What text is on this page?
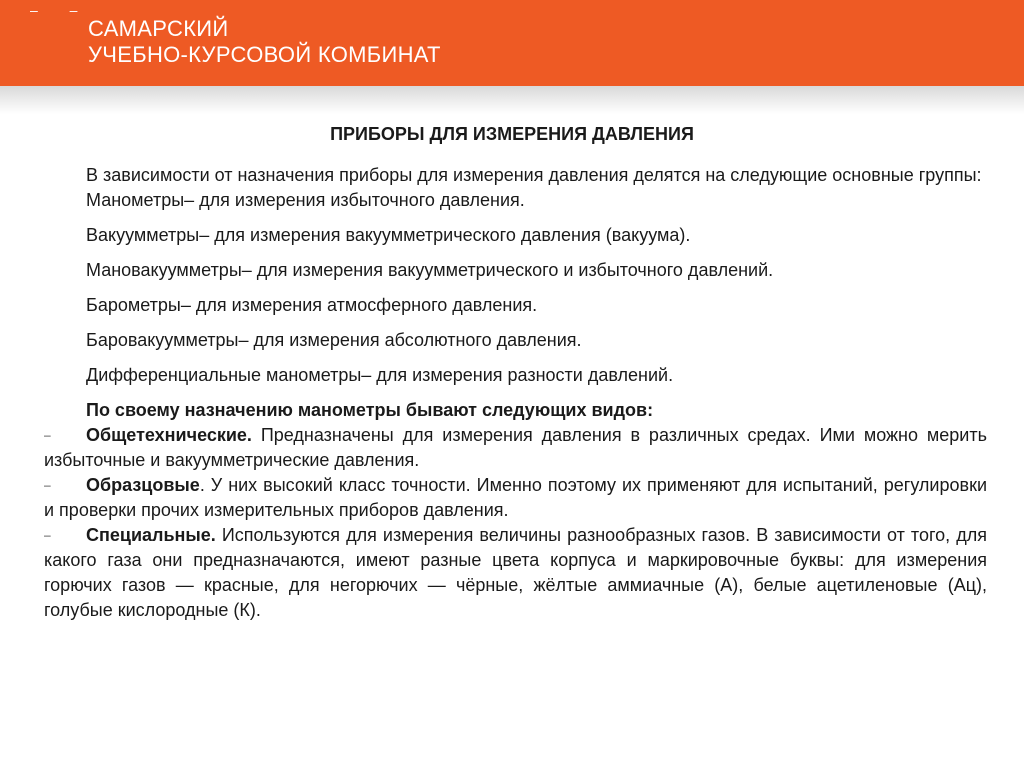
– –
САМАРСКИЙ
УЧЕБНО-КУРСОВОЙ КОМБИНАТ
ПРИБОРЫ ДЛЯ ИЗМЕРЕНИЯ ДАВЛЕНИЯ

В зависимости от назначения приборы для измерения давления делятся на следующие основные группы:

Манометры– для измерения избыточного давления.

Вакуумметры– для измерения вакуумметрического давления (вакуума).

Мановакуумметры– для измерения вакуумметрического и избыточного давлений.

Барометры– для измерения атмосферного давления.

Баровакуумметры– для измерения абсолютного давления.

Дифференциальные манометры– для измерения разности давлений.

По своему назначению манометры бывают следующих видов:

– Общетехнические. Предназначены для измерения давления в различных средах. Ими можно мерить избыточные и вакуумметрические давления.

– Образцовые. У них высокий класс точности. Именно поэтому их применяют для испытаний, регулировки и проверки прочих измерительных приборов давления.

– Специальные. Используются для измерения величины разнообразных газов. В зависимости от того, для какого газа они предназначаются, имеют разные цвета корпуса и маркировочные буквы: для измерения горючих газов — красные, для негорючих — чёрные, жёлтые аммиачные (А), белые ацетиленовые (Ац), голубые кислородные (К).
